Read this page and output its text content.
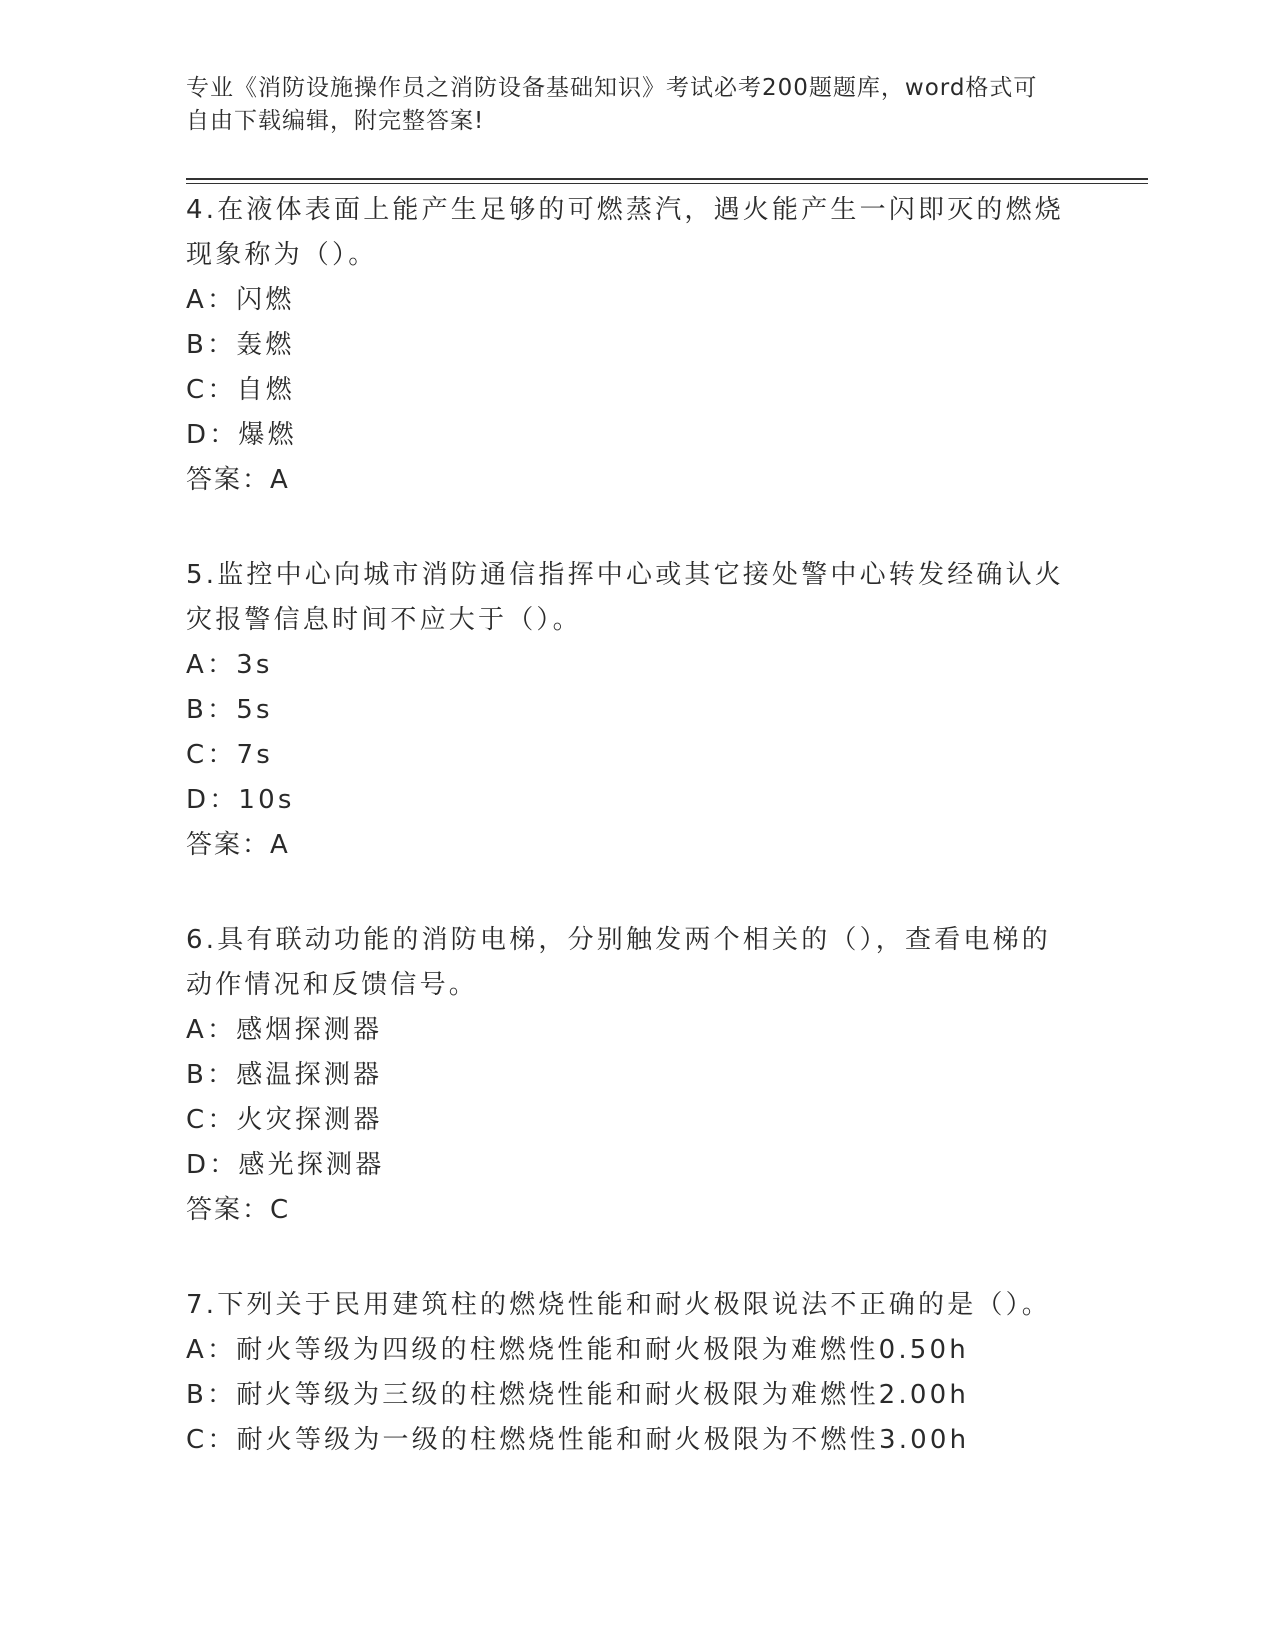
专业《消防设施操作员之消防设备基础知识》考试必考200题题库，word格式可
自由下载编辑，附完整答案!
4.在液体表面上能产生足够的可燃蒸汽，遇火能产生一闪即灭的燃烧
现象称为（）。
A：闪燃
B：轰燃
C：自燃
D：爆燃
答案：A
5.监控中心向城市消防通信指挥中心或其它接处警中心转发经确认火
灾报警信息时间不应大于（）。
A：3s
B：5s
C：7s
D：10s
答案：A
6.具有联动功能的消防电梯，分别触发两个相关的（），查看电梯的
动作情况和反馈信号。
A：感烟探测器
B：感温探测器
C：火灾探测器
D：感光探测器
答案：C
7.下列关于民用建筑柱的燃烧性能和耐火极限说法不正确的是（）。
A：耐火等级为四级的柱燃烧性能和耐火极限为难燃性0.50h
B：耐火等级为三级的柱燃烧性能和耐火极限为难燃性2.00h
C：耐火等级为一级的柱燃烧性能和耐火极限为不燃性3.00h
